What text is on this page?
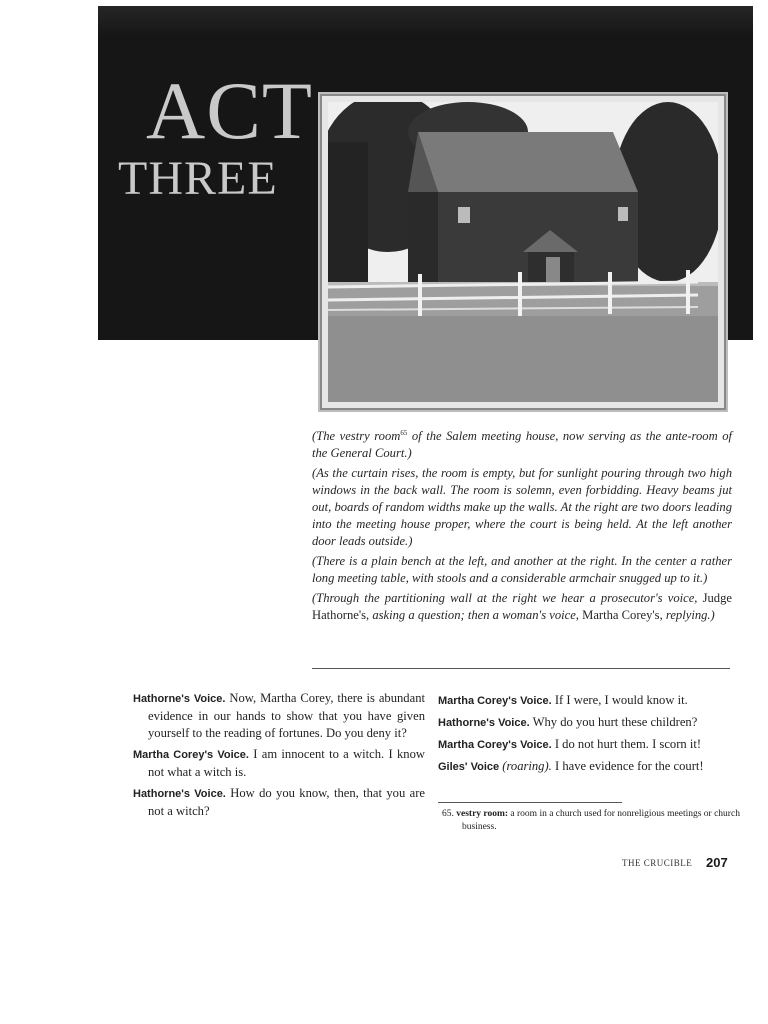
ACT
THREE

(The vestry room$^{65}$ of the Salem meeting house, now serving as the ante-room of the General Court.)

(As the curtain rises, the room is empty, but for sunlight pouring through two high windows in the back wall. The room is solemn, even forbidding. Heavy beams jut out, boards of random widths make up the walls. At the right are two doors leading into the meeting house proper, where the court is being held. At the left another door leads outside.)

(There is a plain bench at the left, and another at the right. In the center a rather long meeting table, with stools and a considerable armchair snugged up to it.)

(Through the partitioning wall at the right we hear a prosecutor's voice, Judge Hathorne's, asking a question; then a woman's voice, Martha Corey's, replying.)

Hathorne's Voice. Now, Martha Corey, there is abundant evidence in our hands to show that you have given yourself to the reading of fortunes. Do you deny it?

Martha Corey's Voice. I am innocent to a witch. I know not what a witch is.

Hathorne's Voice. How do you know, then, that you are not a witch?

Martha Corey's Voice. If I were, I would know it.

Hathorne's Voice. Why do you hurt these children?

Martha Corey's Voice. I do not hurt them. I scorn it!

Giles' Voice (roaring). I have evidence for the court!

65. vestry room: a room in a church used for nonreligious meetings or church business.
THE CRUCIBLE 207
